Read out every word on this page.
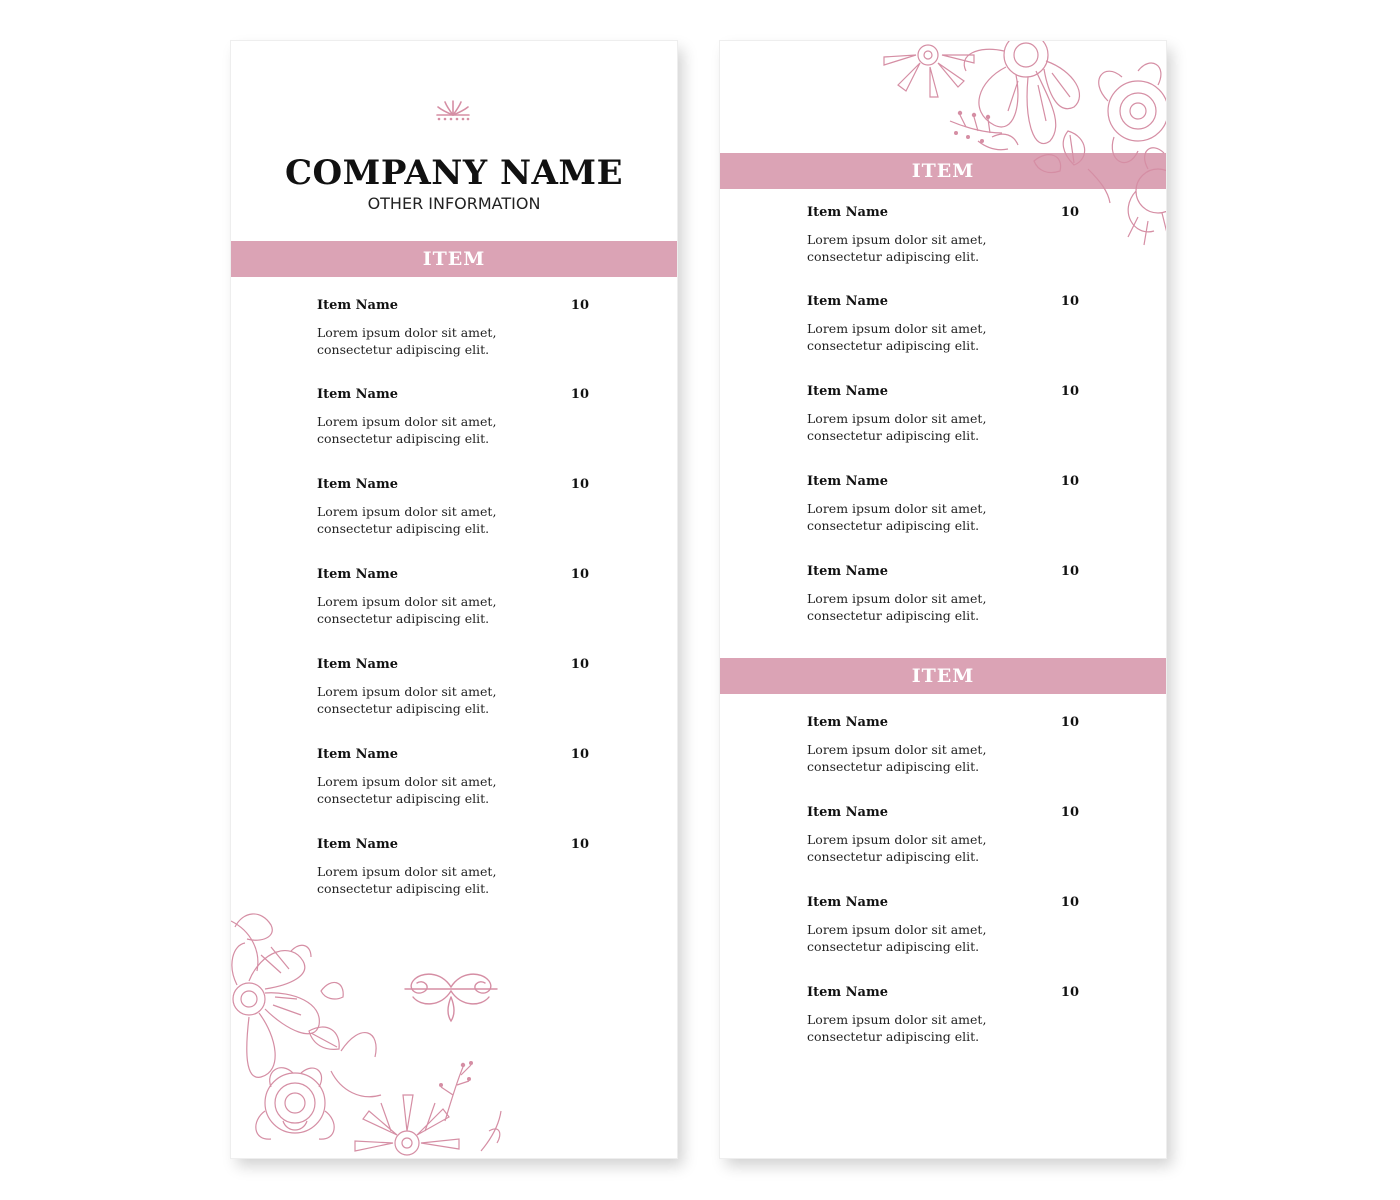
COMPANY NAME
OTHER INFORMATION
ITEM
Item Name	10
Lorem ipsum dolor sit amet,
consectetur adipiscing elit.
Item Name	10
Lorem ipsum dolor sit amet,
consectetur adipiscing elit.
Item Name	10
Lorem ipsum dolor sit amet,
consectetur adipiscing elit.
Item Name	10
Lorem ipsum dolor sit amet,
consectetur adipiscing elit.
Item Name	10
Lorem ipsum dolor sit amet,
consectetur adipiscing elit.
Item Name	10
Lorem ipsum dolor sit amet,
consectetur adipiscing elit.
Item Name	10
Lorem ipsum dolor sit amet,
consectetur adipiscing elit.
ITEM
Item Name	10
Lorem ipsum dolor sit amet,
consectetur adipiscing elit.
Item Name	10
Lorem ipsum dolor sit amet,
consectetur adipiscing elit.
Item Name	10
Lorem ipsum dolor sit amet,
consectetur adipiscing elit.
Item Name	10
Lorem ipsum dolor sit amet,
consectetur adipiscing elit.
Item Name	10
Lorem ipsum dolor sit amet,
consectetur adipiscing elit.
ITEM
Item Name	10
Lorem ipsum dolor sit amet,
consectetur adipiscing elit.
Item Name	10
Lorem ipsum dolor sit amet,
consectetur adipiscing elit.
Item Name	10
Lorem ipsum dolor sit amet,
consectetur adipiscing elit.
Item Name	10
Lorem ipsum dolor sit amet,
consectetur adipiscing elit.
